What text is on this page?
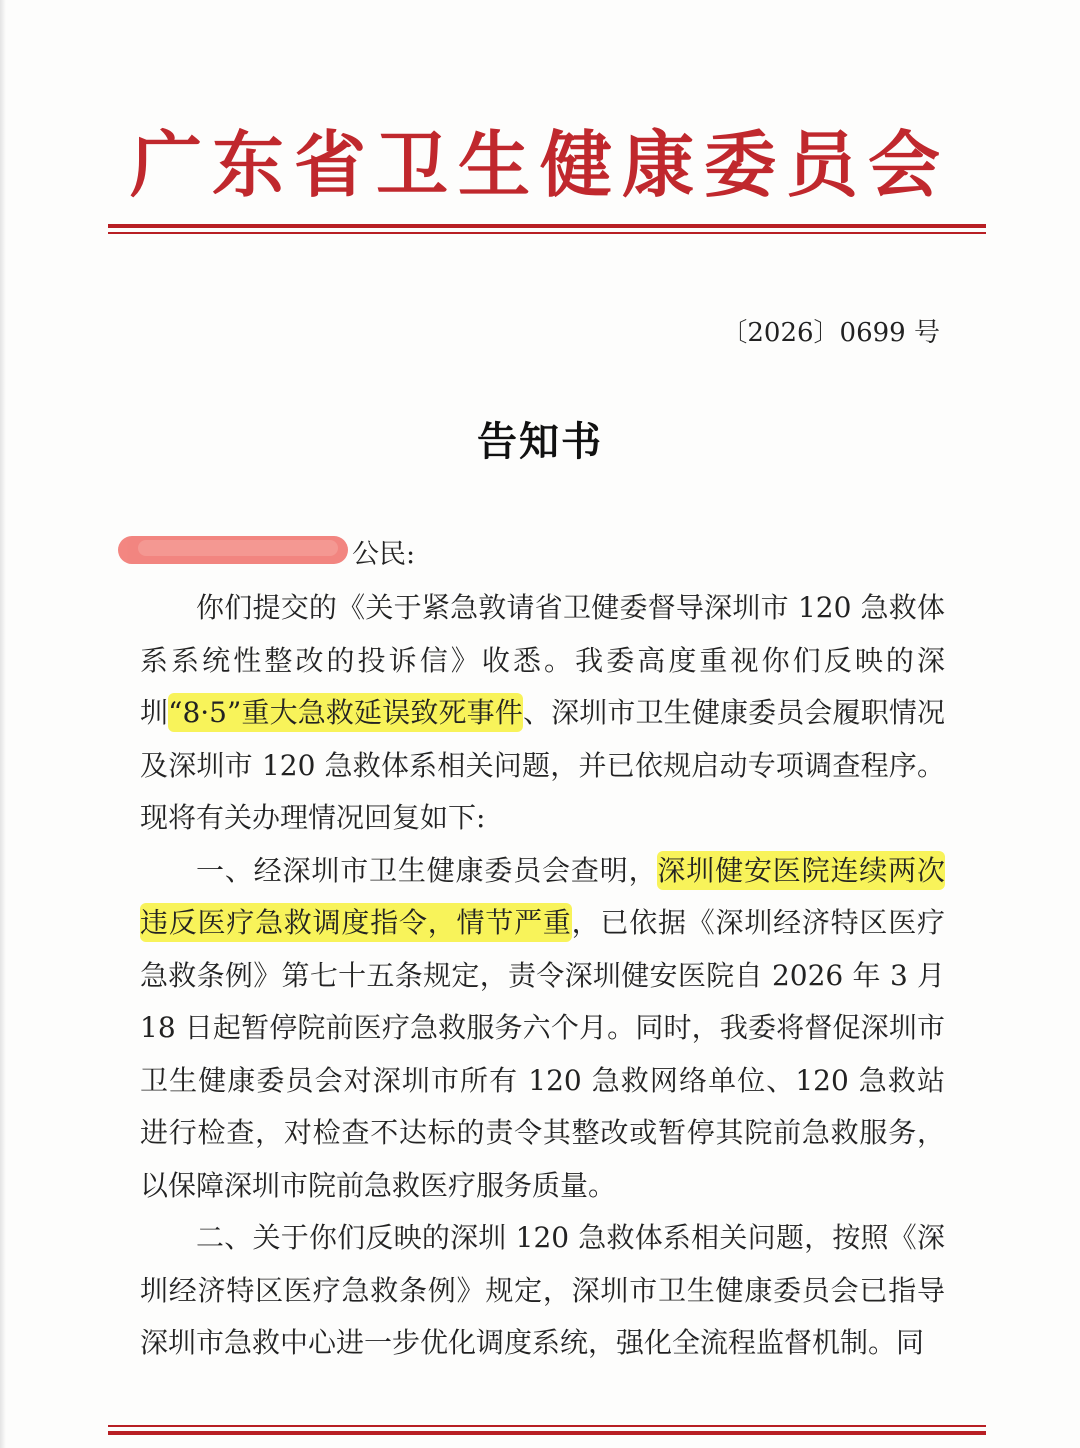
广东省卫生健康委员会
〔2026〕0699 号
告知书
公民:

你们提交的《关于紧急敦请省卫健委督导深圳市 120 急救体系系统性整改的投诉信》收悉。我委高度重视你们反映的深圳“8·5”重大急救延误致死事件、深圳市卫生健康委员会履职情况及深圳市 120 急救体系相关问题，并已依规启动专项调查程序。现将有关办理情况回复如下:

一、经深圳市卫生健康委员会查明，深圳健安医院连续两次违反医疗急救调度指令，情节严重，已依据《深圳经济特区医疗急救条例》第七十五条规定，责令深圳健安医院自 2026 年 3 月 18 日起暂停院前医疗急救服务六个月。同时，我委将督促深圳市卫生健康委员会对深圳市所有 120 急救网络单位、120 急救站进行检查，对检查不达标的责令其整改或暂停其院前急救服务，以保障深圳市院前急救医疗服务质量。

二、关于你们反映的深圳 120 急救体系相关问题，按照《深圳经济特区医疗急救条例》规定，深圳市卫生健康委员会已指导深圳市急救中心进一步优化调度系统，强化全流程监督机制。同
